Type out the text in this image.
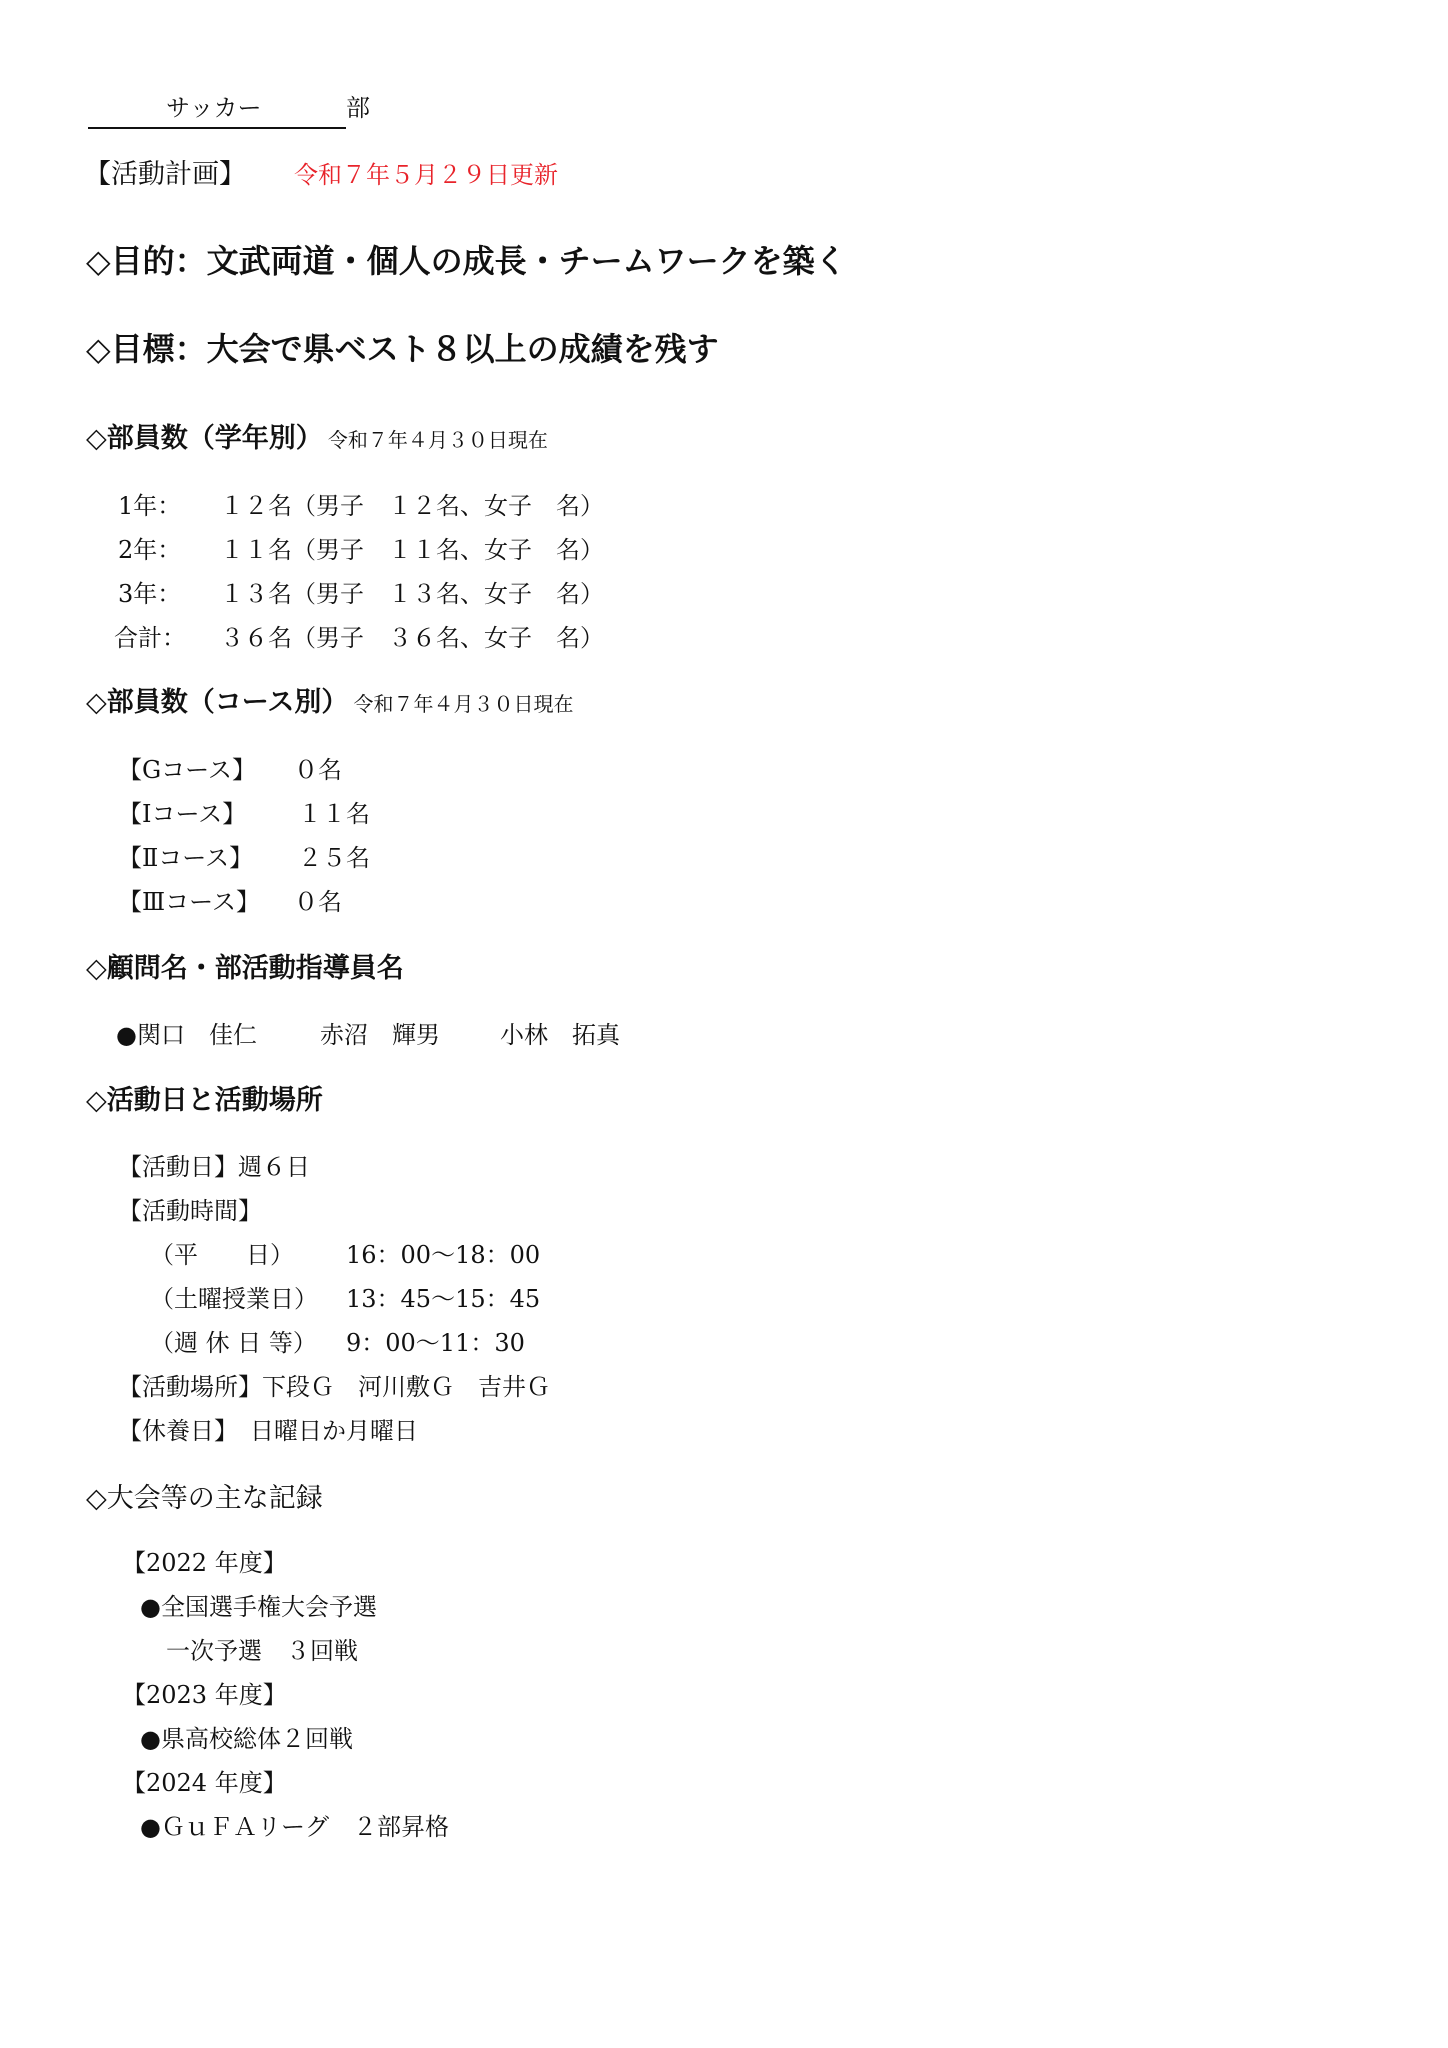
サッカー	部
【活動計画】 令和７年５月２９日更新
◇目的：文武両道・個人の成長・チームワークを築く
◇目標：大会で県ベスト８以上の成績を残す
◇部員数（学年別） 令和７年４月３０日現在
1年： １２名（男子　１２名、女子　名）
2年： １１名（男子　１１名、女子　名）
3年： １３名（男子　１３名、女子　名）
合計： ３６名（男子　３６名、女子　名）
◇部員数（コース別） 令和７年４月３０日現在
【Gコース】 ０名
【Ⅰコース】 １１名
【Ⅱコース】 ２５名
【Ⅲコース】 ０名
◇顧問名・部活動指導員名
●関口　佳仁	赤沼　輝男	小林　拓真
◇活動日と活動場所
【活動日】週６日
【活動時間】
（平　　日） 16：00～18：00
（土曜授業日） 13：45～15：45
（週 休 日 等） 9：00～11：30
【活動場所】下段Ｇ　河川敷Ｇ　吉井Ｇ
【休養日】　日曜日か月曜日
◇大会等の主な記録
【2022 年度】
●全国選手権大会予選
一次予選　３回戦
【2023 年度】
●県高校総体２回戦
【2024 年度】
●ＧｕＦＡリーグ　２部昇格
